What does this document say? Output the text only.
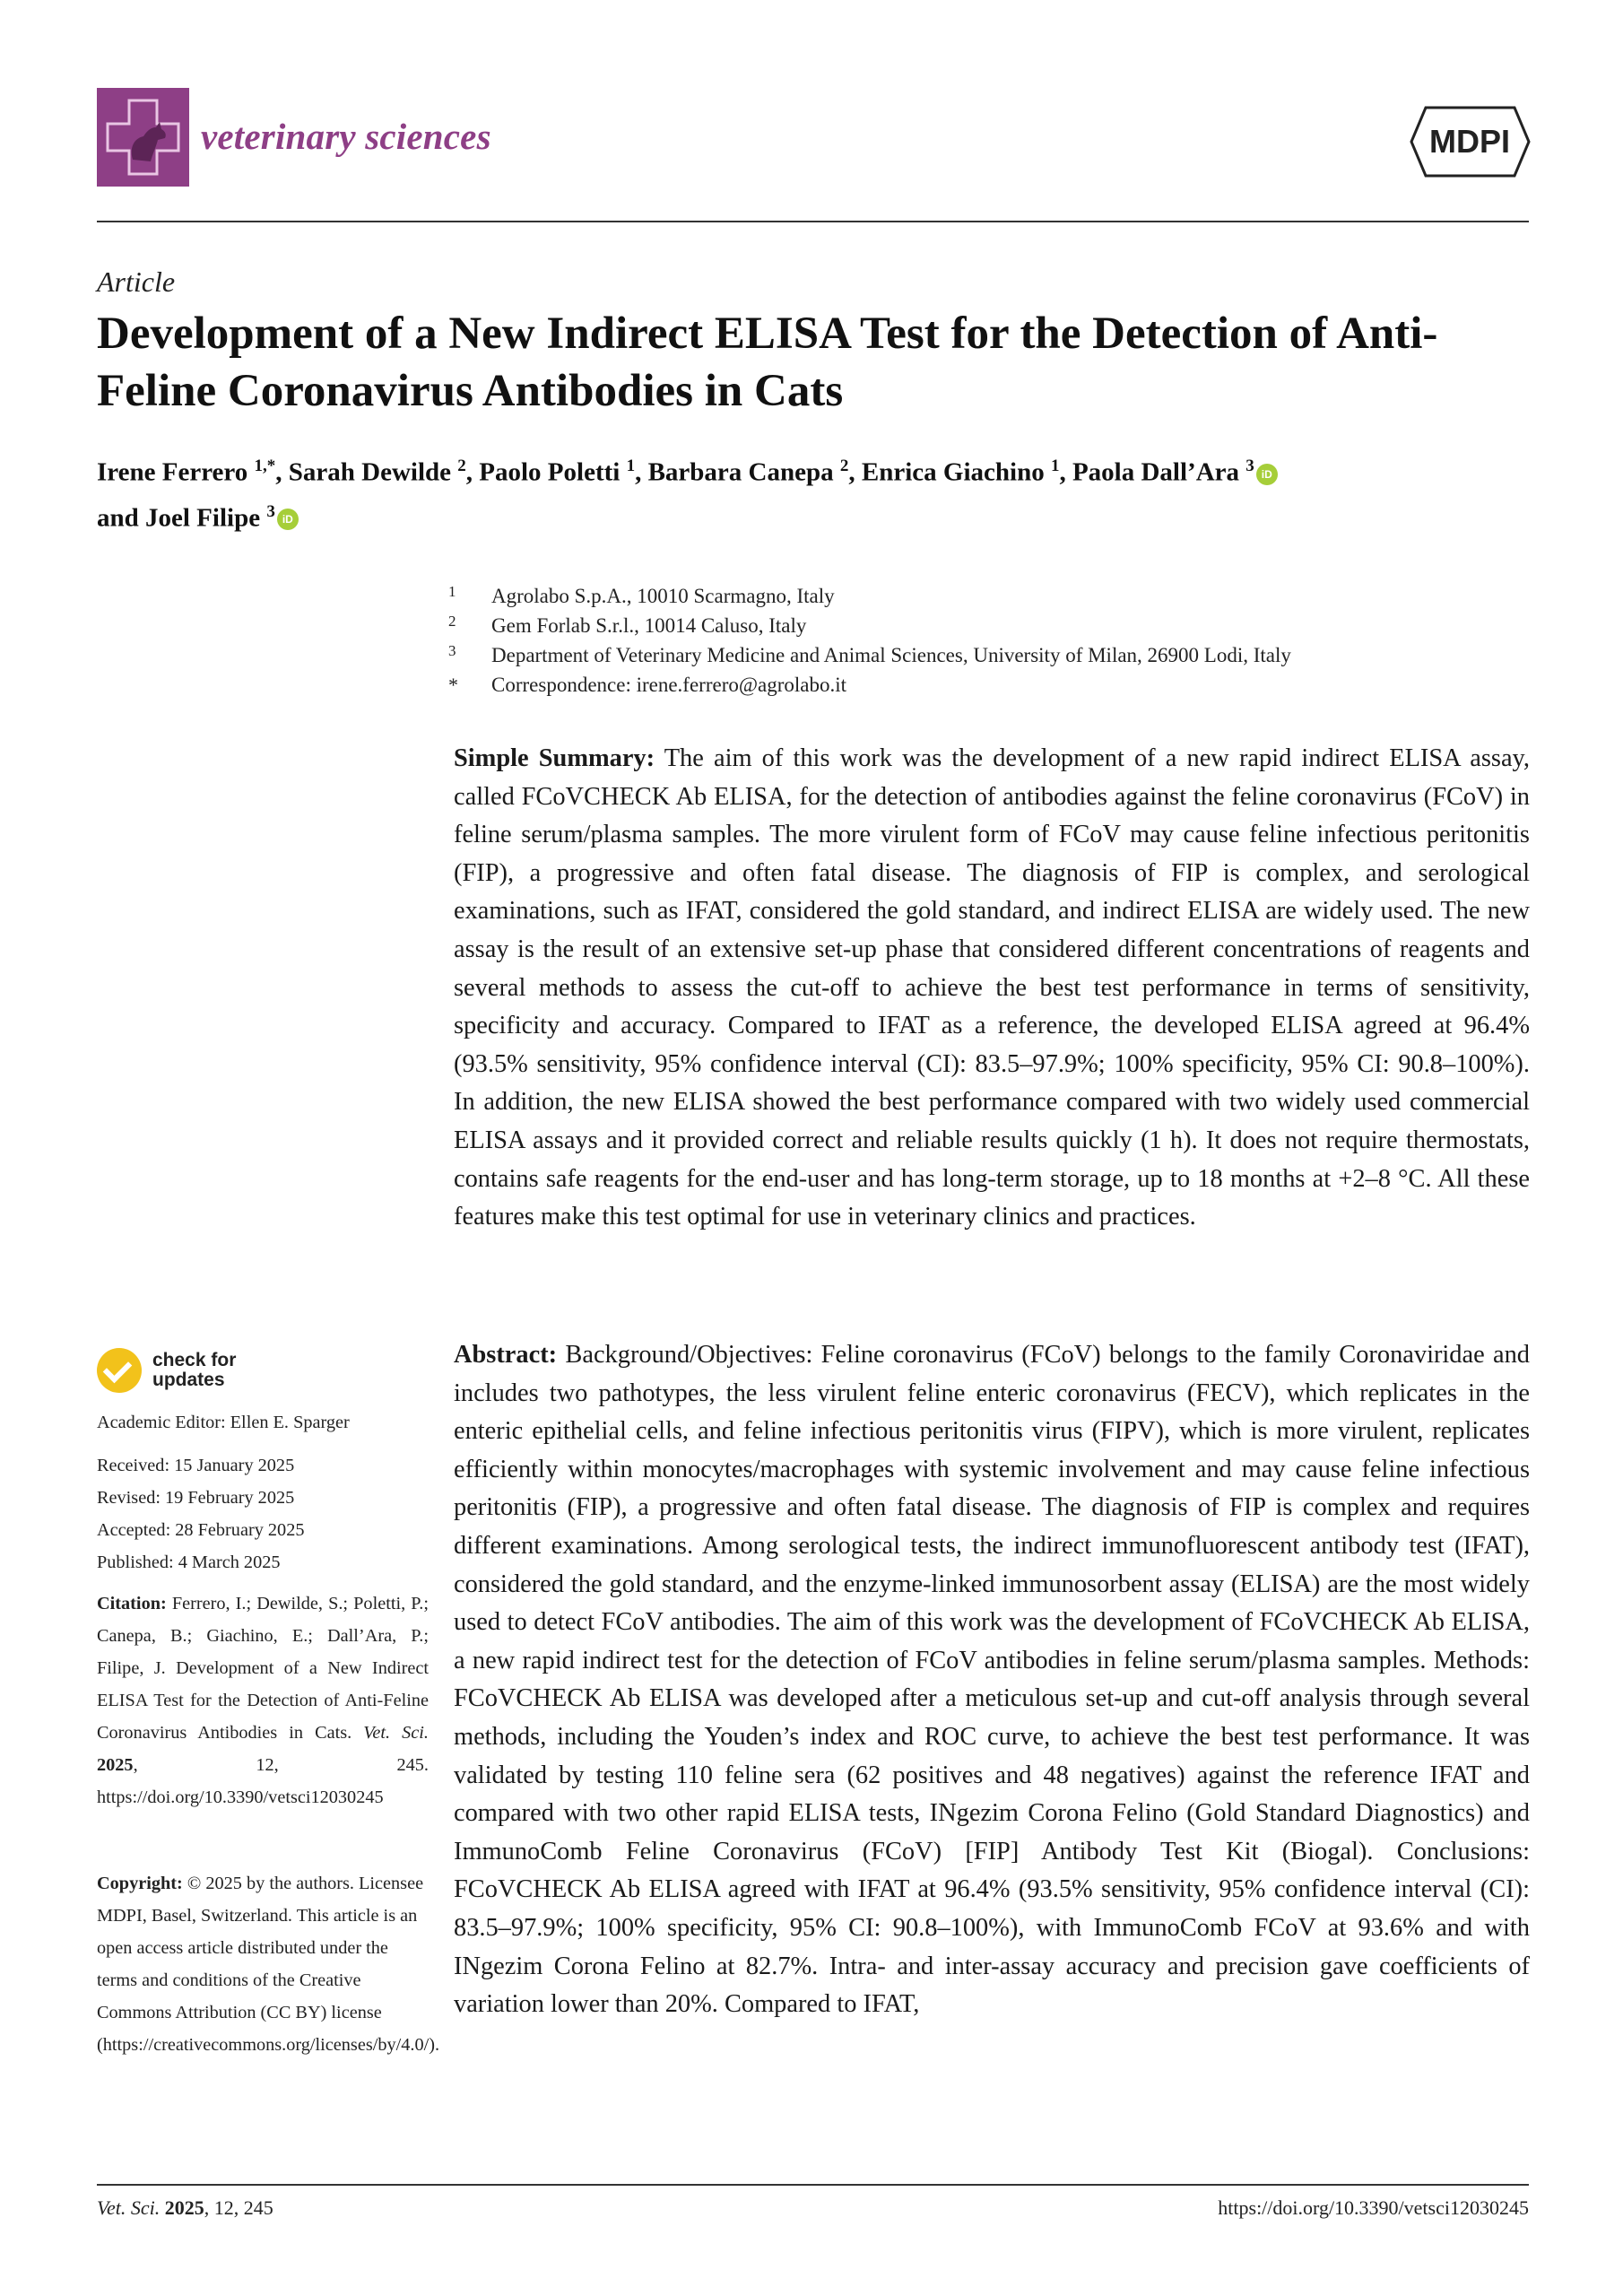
veterinary sciences	MDPI
Article
Development of a New Indirect ELISA Test for the Detection of Anti-Feline Coronavirus Antibodies in Cats
Irene Ferrero $^{1,*}$, Sarah Dewilde $^2$, Paolo Poletti $^1$, Barbara Canepa $^2$, Enrica Giachino $^1$, Paola Dall’Ara $^3$ iD
and Joel Filipe $^3$ iD
1	Agrolabo S.p.A., 10010 Scarmagno, Italy
2	Gem Forlab S.r.l., 10014 Caluso, Italy
3	Department of Veterinary Medicine and Animal Sciences, University of Milan, 26900 Lodi, Italy
*	Correspondence: irene.ferrero@agrolabo.it
Simple Summary: The aim of this work was the development of a new rapid indirect ELISA assay, called FCoVCHECK Ab ELISA, for the detection of antibodies against the feline coronavirus (FCoV) in feline serum/plasma samples. The more virulent form of FCoV may cause feline infectious peritonitis (FIP), a progressive and often fatal disease. The diagnosis of FIP is complex, and serological examinations, such as IFAT, considered the gold standard, and indirect ELISA are widely used. The new assay is the result of an extensive set-up phase that considered different concentrations of reagents and several methods to assess the cut-off to achieve the best test performance in terms of sensitivity, specificity and accuracy. Compared to IFAT as a reference, the developed ELISA agreed at 96.4% (93.5% sensitivity, 95% confidence interval (CI): 83.5–97.9%; 100% specificity, 95% CI: 90.8–100%). In addition, the new ELISA showed the best performance compared with two widely used commercial ELISA assays and it provided correct and reliable results quickly (1 h). It does not require thermostats, contains safe reagents for the end-user and has long-term storage, up to 18 months at +2–8 °C. All these features make this test optimal for use in veterinary clinics and practices.
Abstract: Background/Objectives: Feline coronavirus (FCoV) belongs to the family Coronaviridae and includes two pathotypes, the less virulent feline enteric coronavirus (FECV), which replicates in the enteric epithelial cells, and feline infectious peritonitis virus (FIPV), which is more virulent, replicates efficiently within monocytes/macrophages with systemic involvement and may cause feline infectious peritonitis (FIP), a progressive and often fatal disease. The diagnosis of FIP is complex and requires different examinations. Among serological tests, the indirect immunofluorescent antibody test (IFAT), considered the gold standard, and the enzyme-linked immunosorbent assay (ELISA) are the most widely used to detect FCoV antibodies. The aim of this work was the development of FCoVCHECK Ab ELISA, a new rapid indirect test for the detection of FCoV antibodies in feline serum/plasma samples. Methods: FCoVCHECK Ab ELISA was developed after a meticulous set-up and cut-off analysis through several methods, including the Youden’s index and ROC curve, to achieve the best test performance. It was validated by testing 110 feline sera (62 positives and 48 negatives) against the reference IFAT and compared with two other rapid ELISA tests, INgezim Corona Felino (Gold Standard Diagnostics) and ImmunoComb Feline Coronavirus (FCoV) [FIP] Antibody Test Kit (Biogal). Conclusions: FCoVCHECK Ab ELISA agreed with IFAT at 96.4% (93.5% sensitivity, 95% confidence interval (CI): 83.5–97.9%; 100% specificity, 95% CI: 90.8–100%), with ImmunoComb FCoV at 93.6% and with INgezim Corona Felino at 82.7%. Intra- and inter-assay accuracy and precision gave coefficients of variation lower than 20%. Compared to IFAT,
check for
updates
Academic Editor: Ellen E. Sparger
Received: 15 January 2025
Revised: 19 February 2025
Accepted: 28 February 2025
Published: 4 March 2025
Citation: Ferrero, I.; Dewilde, S.; Poletti, P.; Canepa, B.; Giachino, E.; Dall’Ara, P.; Filipe, J. Development of a New Indirect ELISA Test for the Detection of Anti-Feline Coronavirus Antibodies in Cats. Vet. Sci. 2025, 12, 245. https://doi.org/10.3390/vetsci12030245
Copyright: © 2025 by the authors. Licensee MDPI, Basel, Switzerland. This article is an open access article distributed under the terms and conditions of the Creative Commons Attribution (CC BY) license (https://creativecommons.org/licenses/by/4.0/).
Vet. Sci. 2025, 12, 245	https://doi.org/10.3390/vetsci12030245
